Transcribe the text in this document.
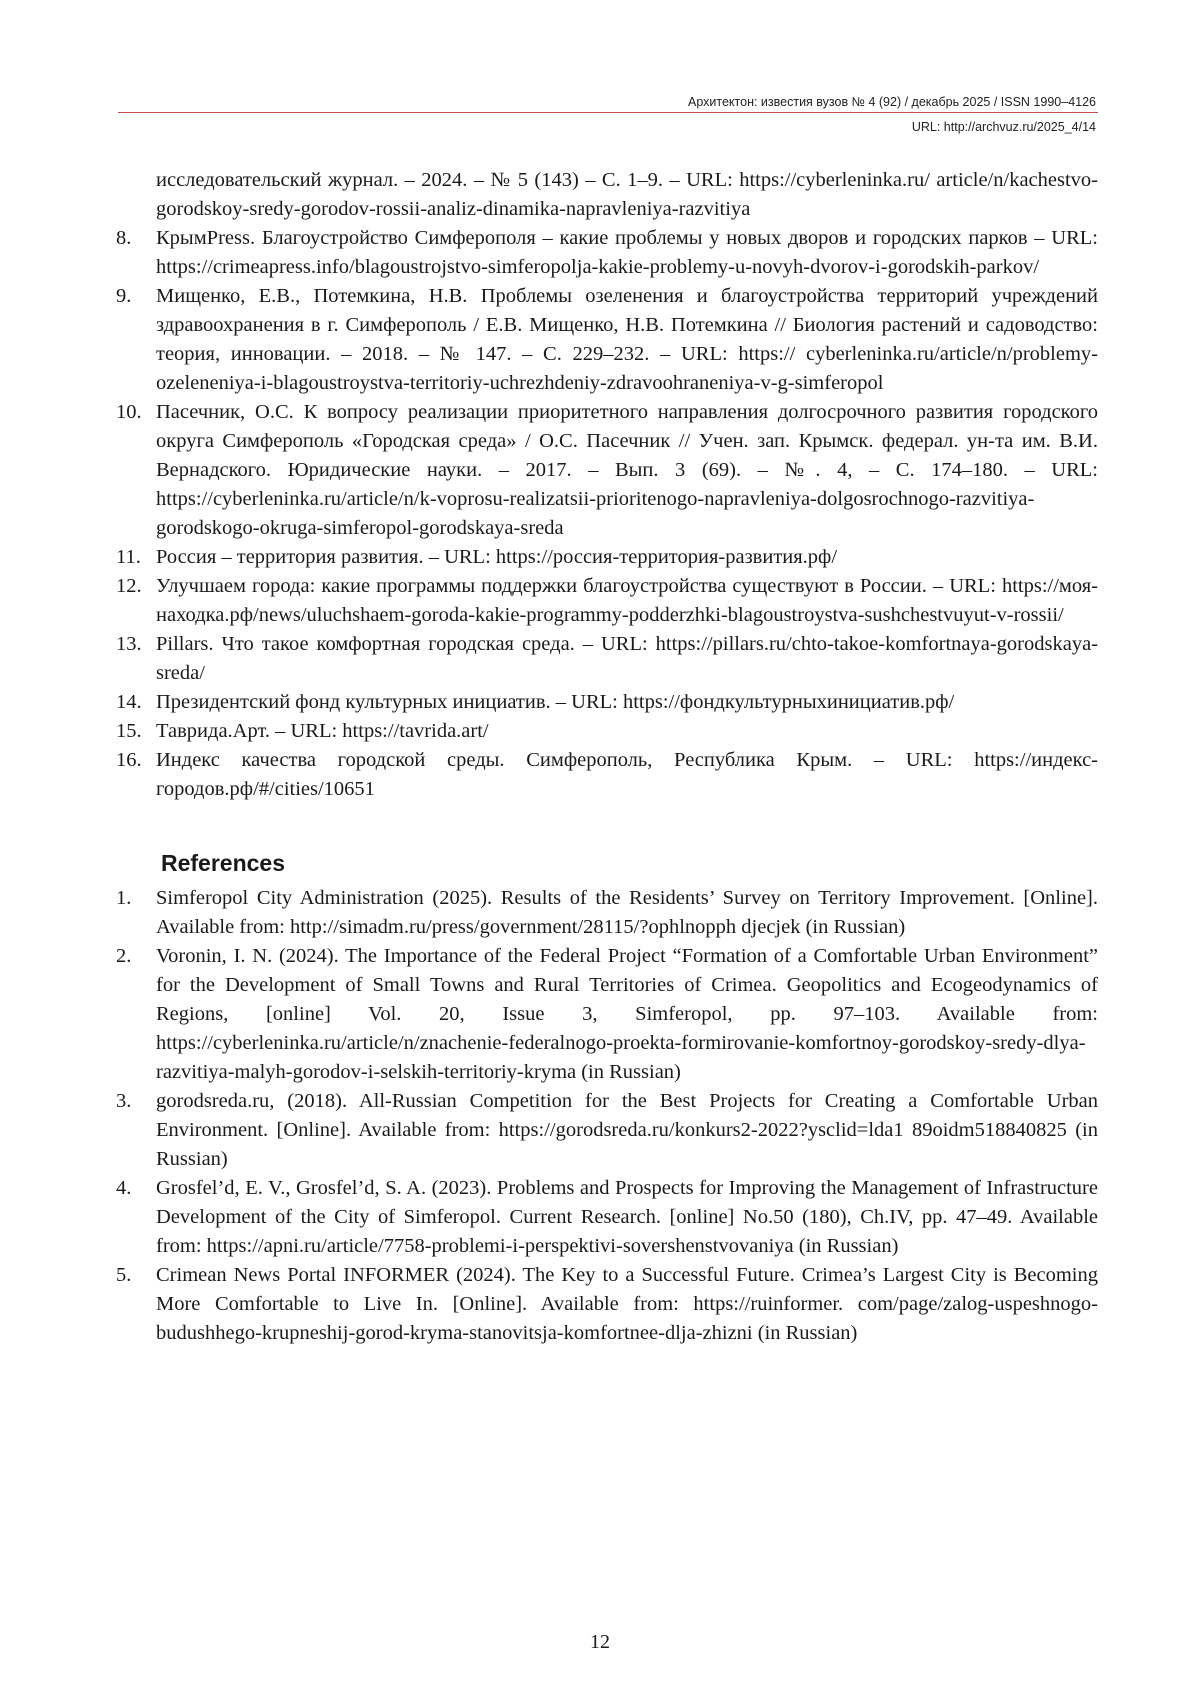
Архитектон: известия вузов № 4 (92) / декабрь 2025 / ISSN 1990–4126
URL: http://archvuz.ru/2025_4/14
исследовательский журнал. – 2024. – № 5 (143) – С. 1–9. – URL: https://cyberleninka.ru/ article/n/kachestvo-gorodskoy-sredy-gorodov-rossii-analiz-dinamika-napravleniya-razvitiya
8.	КрымPress. Благоустройство Симферополя – какие проблемы у новых дворов и городских парков – URL: https://crimeapress.info/blagoustrojstvo-simferopolja-kakie-problemy-u-novyh-dvorov-i-gorodskih-parkov/
9.	Мищенко, Е.В., Потемкина, Н.В. Проблемы озеленения и благоустройства территорий учреждений здравоохранения в г. Симферополь / Е.В. Мищенко, Н.В. Потемкина // Биология растений и садоводство: теория, инновации. – 2018. – № 147. – С. 229–232. – URL: https:// cyberleninka.ru/article/n/problemy-ozeleneniya-i-blagoustroystva-territoriy-uchrezhdeniy-zdravoohraneniya-v-g-simferopol
10. Пасечник, О.С. К вопросу реализации приоритетного направления долгосрочного развития городского округа Симферополь «Городская среда» / О.С. Пасечник // Учен. зап. Крымск. федерал. ун-та им. В.И. Вернадского. Юридические науки. – 2017. – Вып. 3 (69). – №. 4, – С. 174–180. – URL: https://cyberleninka.ru/article/n/k-voprosu-realizatsii-prioritenogo-napravleniya-dolgosrochnogo-razvitiya-gorodskogo-okruga-simferopol-gorodskaya-sreda
11. Россия – территория развития. – URL: https://россия-территория-развития.рф/
12. Улучшаем города: какие программы поддержки благоустройства существуют в России. – URL: https://моя-находка.рф/news/uluchshaem-goroda-kakie-programmy-podderzhki-blagoustroystva-sushchestvuyut-v-rossii/
13. Pillars. Что такое комфортная городская среда. – URL: https://pillars.ru/chto-takoe-komfortnaya-gorodskaya-sreda/
14. Президентский фонд культурных инициатив. – URL: https://фондкультурныхинициатив.рф/
15. Таврида.Арт. – URL: https://tavrida.art/
16. Индекс качества городской среды. Симферополь, Республика Крым. – URL: https://индекс-городов.рф/#/cities/10651
References
1.	Simferopol City Administration (2025). Results of the Residents’ Survey on Territory Improvement. [Online]. Available from: http://simadm.ru/press/government/28115/?ophlnopph djecjek (in Russian)
2.	Voronin, I. N. (2024). The Importance of the Federal Project “Formation of a Comfortable Urban Environment” for the Development of Small Towns and Rural Territories of Crimea. Geopolitics and Ecogeodynamics of Regions, [online] Vol. 20, Issue 3, Simferopol, pp. 97–103. Available from: https://cyberleninka.ru/article/n/znachenie-federalnogo-proekta-formirovanie-komfortnoy-gorodskoy-sredy-dlya-razvitiya-malyh-gorodov-i-selskih-territoriy-kryma (in Russian)
3.	gorodsreda.ru, (2018). All-Russian Competition for the Best Projects for Creating a Comfortable Urban Environment. [Online]. Available from: https://gorodsreda.ru/konkurs2-2022?ysclid=lda1 89oidm518840825 (in Russian)
4.	Grosfel’d, E. V., Grosfel’d, S. A. (2023). Problems and Prospects for Improving the Management of Infrastructure Development of the City of Simferopol. Current Research. [online] No.50 (180), Ch.IV, pp. 47–49. Available from: https://apni.ru/article/7758-problemi-i-perspektivi-sovershenstvovaniya (in Russian)
5.	Crimean News Portal INFORMER (2024). The Key to a Successful Future. Crimea’s Largest City is Becoming More Comfortable to Live In. [Online]. Available from: https://ruinformer. com/page/zalog-uspeshnogo-budushhego-krupneshij-gorod-kryma-stanovitsja-komfortnee-dlja-zhizni (in Russian)
12
